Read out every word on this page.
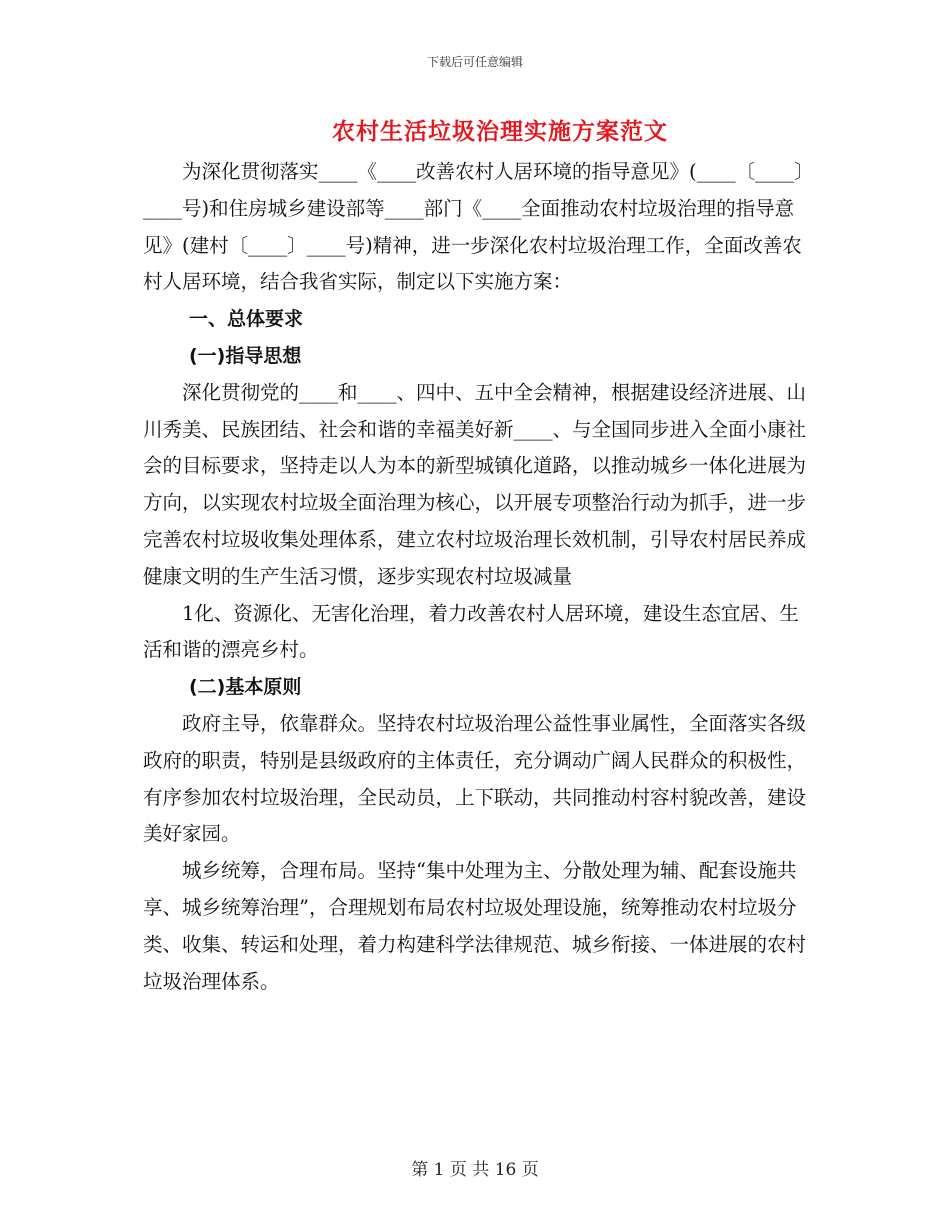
下载后可任意编辑
农村生活垃圾治理实施方案范文

为深化贯彻落实____《____改善农村人居环境的指导意见》(____〔____〕____号)和住房城乡建设部等____部门《____全面推动农村垃圾治理的指导意见》(建村〔____〕____号)精神，进一步深化农村垃圾治理工作，全面改善农村人居环境，结合我省实际，制定以下实施方案：

一、总体要求

(一)指导思想

深化贯彻党的____和____、四中、五中全会精神，根据建设经济进展、山川秀美、民族团结、社会和谐的幸福美好新____、与全国同步进入全面小康社会的目标要求，坚持走以人为本的新型城镇化道路，以推动城乡一体化进展为方向，以实现农村垃圾全面治理为核心，以开展专项整治行动为抓手，进一步完善农村垃圾收集处理体系，建立农村垃圾治理长效机制，引导农村居民养成健康文明的生产生活习惯，逐步实现农村垃圾减量

1化、资源化、无害化治理，着力改善农村人居环境，建设生态宜居、生活和谐的漂亮乡村。

(二)基本原则

政府主导，依靠群众。坚持农村垃圾治理公益性事业属性，全面落实各级政府的职责，特别是县级政府的主体责任，充分调动广阔人民群众的积极性，有序参加农村垃圾治理，全民动员，上下联动，共同推动村容村貌改善，建设美好家园。

城乡统筹，合理布局。坚持“集中处理为主、分散处理为辅、配套设施共享、城乡统筹治理”，合理规划布局农村垃圾处理设施，统筹推动农村垃圾分类、收集、转运和处理，着力构建科学法律规范、城乡衔接、一体进展的农村垃圾治理体系。

第 1 页 共 16 页
